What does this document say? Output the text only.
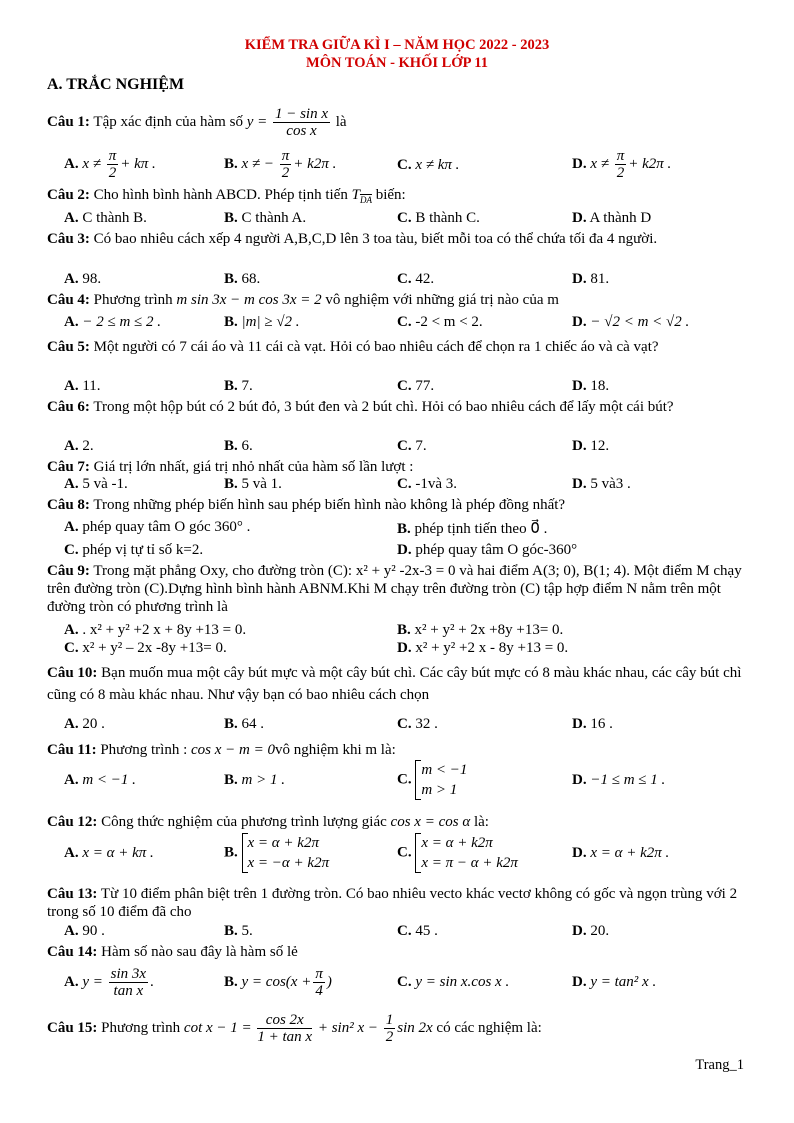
KIỂM TRA GIỮA KÌ I – NĂM HỌC 2022 - 2023
MÔN TOÁN - KHỐI LỚP 11
A. TRẮC NGHIỆM
Câu 1: Tập xác định của hàm số $y = \frac{\text{1 − sin x}}{\text{cos x}}$ là
A. $x \ne \frac{\pi}{2} + k\pi$ .	B. x ≠ − $\frac{\pi}{2} + k2\pi$ .	C. x ≠ kπ .	D. $x \ne \frac{\pi}{2} + k2\pi$ .
Câu 2: Cho hình bình hành ABCD. Phép tịnh tiến $T_{\overline{DA}}$ biến:
A. C thành B.	B. C thành A.	C. B thành C.	D. A thành D
Câu 3: Có bao nhiêu cách xếp 4 người A,B,C,D lên 3 toa tàu, biết mỗi toa có thể chứa tối đa 4 người.
A. 98.	B. 68.	C. 42.	D. 81.
Câu 4: Phương trình m sin 3x − m cos 3x = 2 vô nghiệm với những giá trị nào của m
A. − 2 ≤ m ≤ 2 .	B. |m| ≥ √2 .	C. -2 < m < 2.	D. − √2 < m < √2 .
Câu 5: Một người có 7 cái áo và 11 cái cà vạt. Hỏi có bao nhiêu cách để chọn ra 1 chiếc áo và cà vạt?
A. 11.	B. 7.	C. 77.	D. 18.
Câu 6: Trong một hộp bút có 2 bút đỏ, 3 bút đen và 2 bút chì. Hỏi có bao nhiêu cách để lấy một cái bút?
A. 2.	B. 6.	C. 7.	D. 12.
Câu 7: Giá trị lớn nhất, giá trị nhỏ nhất của hàm số lần lượt :
A. 5 và -1.	B. 5 và 1.	C. -1và 3.	D. 5 và3 .
Câu 8: Trong những phép biến hình sau phép biến hình nào không là phép đồng nhất?
A. phép quay tâm O góc 360° .	B. phép tịnh tiến theo 0⃗ .
C. phép vị tự tỉ số k=2.	D. phép quay tâm O góc-360°
Câu 9: Trong mặt phẳng Oxy, cho đường tròn (C): x² + y² -2x-3 = 0 và hai điểm A(3; 0), B(1; 4). Một điểm M chạy trên đường tròn (C).Dựng hình bình hành ABNM.Khi M chạy trên đường tròn (C) tập hợp điểm N nằm trên một đường tròn có phương trình là
A. . x² + y² +2 x + 8y +13 = 0.	B. x² + y² + 2x +8y +13= 0.
C. x² + y² – 2x -8y +13= 0.	D. x² + y² +2 x - 8y +13 = 0.
Câu 10: Bạn muốn mua một cây bút mực và một cây bút chì. Các cây bút mực có 8 màu khác nhau, các cây bút chì cũng có 8 màu khác nhau. Như vậy bạn có bao nhiêu cách chọn
A. 20 .	B. 64 .	C. 32 .	D. 16 .
Câu 11: Phương trình : cos x − m = 0vô nghiệm khi m là:
A. m < −1 .	B. m > 1 .	C.
m < −1
m > 1
D. −1 ≤ m ≤ 1 .
Câu 12: Công thức nghiệm của phương trình lượng giác cos x = cos α là:
A. x = α + kπ .	B.
x = α + k2π
x = −α + k2π
C.
x = α + k2π
x = π − α + k2π
D. x = α + k2π .
Câu 13: Từ 10 điểm phân biệt trên 1 đường tròn. Có bao nhiêu vecto khác vectơ không có gốc và ngọn trùng với 2 trong số 10 điểm đã cho
A. 90 .	B. 5.	C. 45 .	D. 20.
Câu 14: Hàm số nào sau đây là hàm số lẻ
A. $y = \frac{\sin 3x}{\text{tan x}}$ .	B. $y = \cos(x + \frac{\pi}{4}$ )	C. y = sin x.cos x .	D. y = tan² x .
Câu 15: Phương trình $\cot x - 1 = \frac{\cos 2x}{\text{1 + tan x}} + \sin^2$ $x - \frac{1}{2}$ sin 2x có các nghiệm là:
Trang_1
